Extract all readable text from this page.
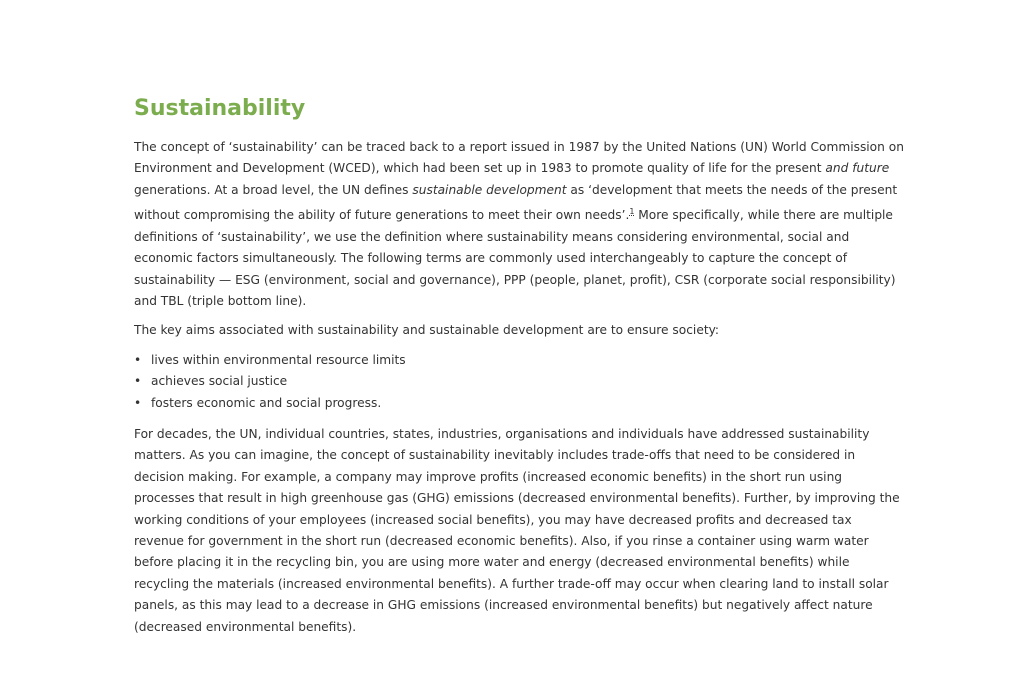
Sustainability

The concept of ‘sustainability’ can be traced back to a report issued in 1987 by the United Nations (UN) World Commission on Environment and Development (WCED), which had been set up in 1983 to promote quality of life for the present and future generations. At a broad level, the UN defines sustainable development as ‘development that meets the needs of the present without compromising the ability of future generations to meet their own needs’.$^1$ More specifically, while there are multiple definitions of ‘sustainability’, we use the definition where sustainability means considering environmental, social and economic factors simultaneously. The following terms are commonly used interchangeably to capture the concept of sustainability — ESG (environment, social and governance), PPP (people, planet, profit), CSR (corporate social responsibility) and TBL (triple bottom line).

The key aims associated with sustainability and sustainable development are to ensure society:

• lives within environmental resource limits
• achieves social justice
• fosters economic and social progress.

For decades, the UN, individual countries, states, industries, organisations and individuals have addressed sustainability matters. As you can imagine, the concept of sustainability inevitably includes trade-offs that need to be considered in decision making. For example, a company may improve profits (increased economic benefits) in the short run using processes that result in high greenhouse gas (GHG) emissions (decreased environmental benefits). Further, by improving the working conditions of your employees (increased social benefits), you may have decreased profits and decreased tax revenue for government in the short run (decreased economic benefits). Also, if you rinse a container using warm water before placing it in the recycling bin, you are using more water and energy (decreased environmental benefits) while recycling the materials (increased environmental benefits). A further trade-off may occur when clearing land to install solar panels, as this may lead to a decrease in GHG emissions (increased environmental benefits) but negatively affect nature (decreased environmental benefits).
